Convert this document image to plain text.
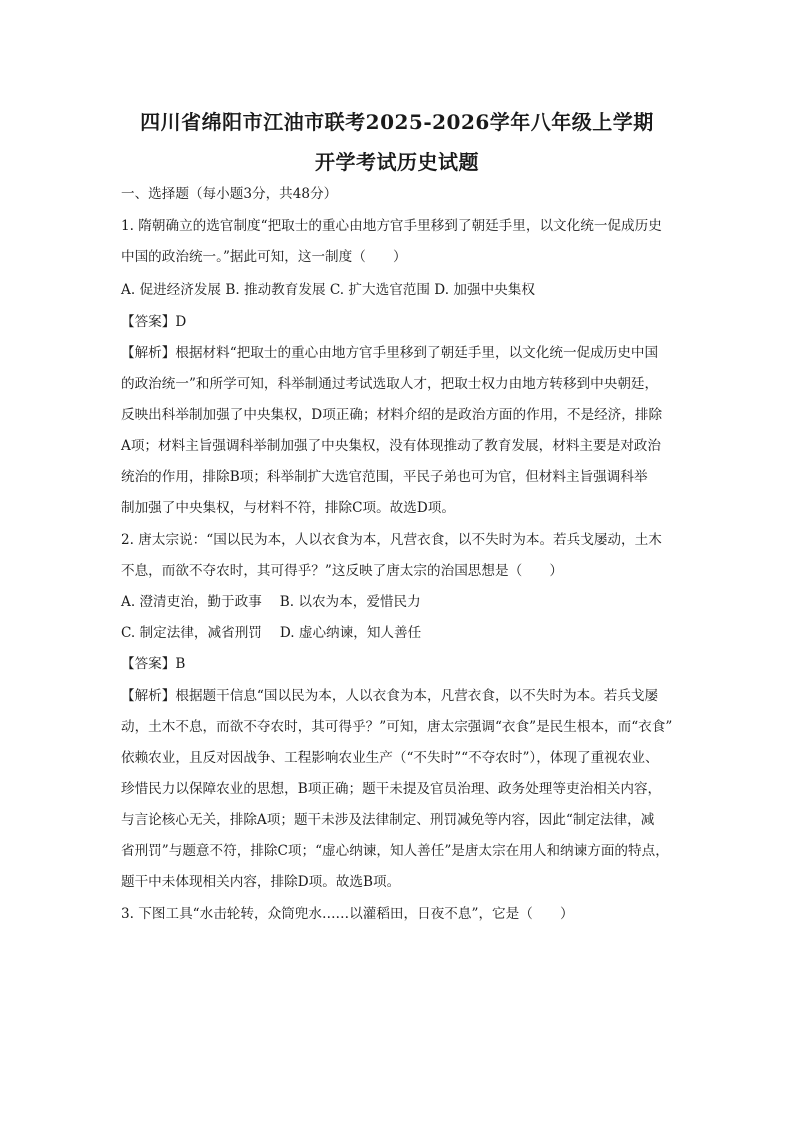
四川省绵阳市江油市联考2025-2026学年八年级上学期
开学考试历史试题
一、选择题（每小题3分，共48分）
1. 隋朝确立的选官制度“把取士的重心由地方官手里移到了朝廷手里，以文化统一促成历史
中国的政治统一。”据此可知，这一制度（　　）
A. 促进经济发展 B. 推动教育发展 C. 扩大选官范围 D. 加强中央集权
【答案】D
【解析】根据材料“把取士的重心由地方官手里移到了朝廷手里，以文化统一促成历史中国
的政治统一”和所学可知，科举制通过考试选取人才，把取士权力由地方转移到中央朝廷，
反映出科举制加强了中央集权，D项正确；材料介绍的是政治方面的作用，不是经济，排除
A项；材料主旨强调科举制加强了中央集权，没有体现推动了教育发展，材料主要是对政治
统治的作用，排除B项；科举制扩大选官范围，平民子弟也可为官，但材料主旨强调科举
制加强了中央集权，与材料不符，排除C项。故选D项。
2. 唐太宗说：“国以民为本，人以衣食为本，凡营衣食，以不失时为本。若兵戈屡动，土木
不息，而欲不夺农时，其可得乎？”这反映了唐太宗的治国思想是（　　）
A. 澄清吏治，勤于政事　 B. 以农为本，爱惜民力
C. 制定法律，减省刑罚　 D. 虚心纳谏，知人善任
【答案】B
【解析】根据题干信息“国以民为本，人以衣食为本，凡营衣食，以不失时为本。若兵戈屡
动，土木不息，而欲不夺农时，其可得乎？”可知，唐太宗强调“衣食”是民生根本，而“衣食”
依赖农业，且反对因战争、工程影响农业生产（“不失时”“不夺农时”），体现了重视农业、
珍惜民力以保障农业的思想，B项正确；题干未提及官员治理、政务处理等吏治相关内容，
与言论核心无关，排除A项；题干未涉及法律制定、刑罚减免等内容，因此“制定法律，减
省刑罚”与题意不符，排除C项；“虚心纳谏，知人善任”是唐太宗在用人和纳谏方面的特点，
题干中未体现相关内容，排除D项。故选B项。
3. 下图工具“水击轮转，众筒兜水……以灌稻田，日夜不息”，它是（　　）
